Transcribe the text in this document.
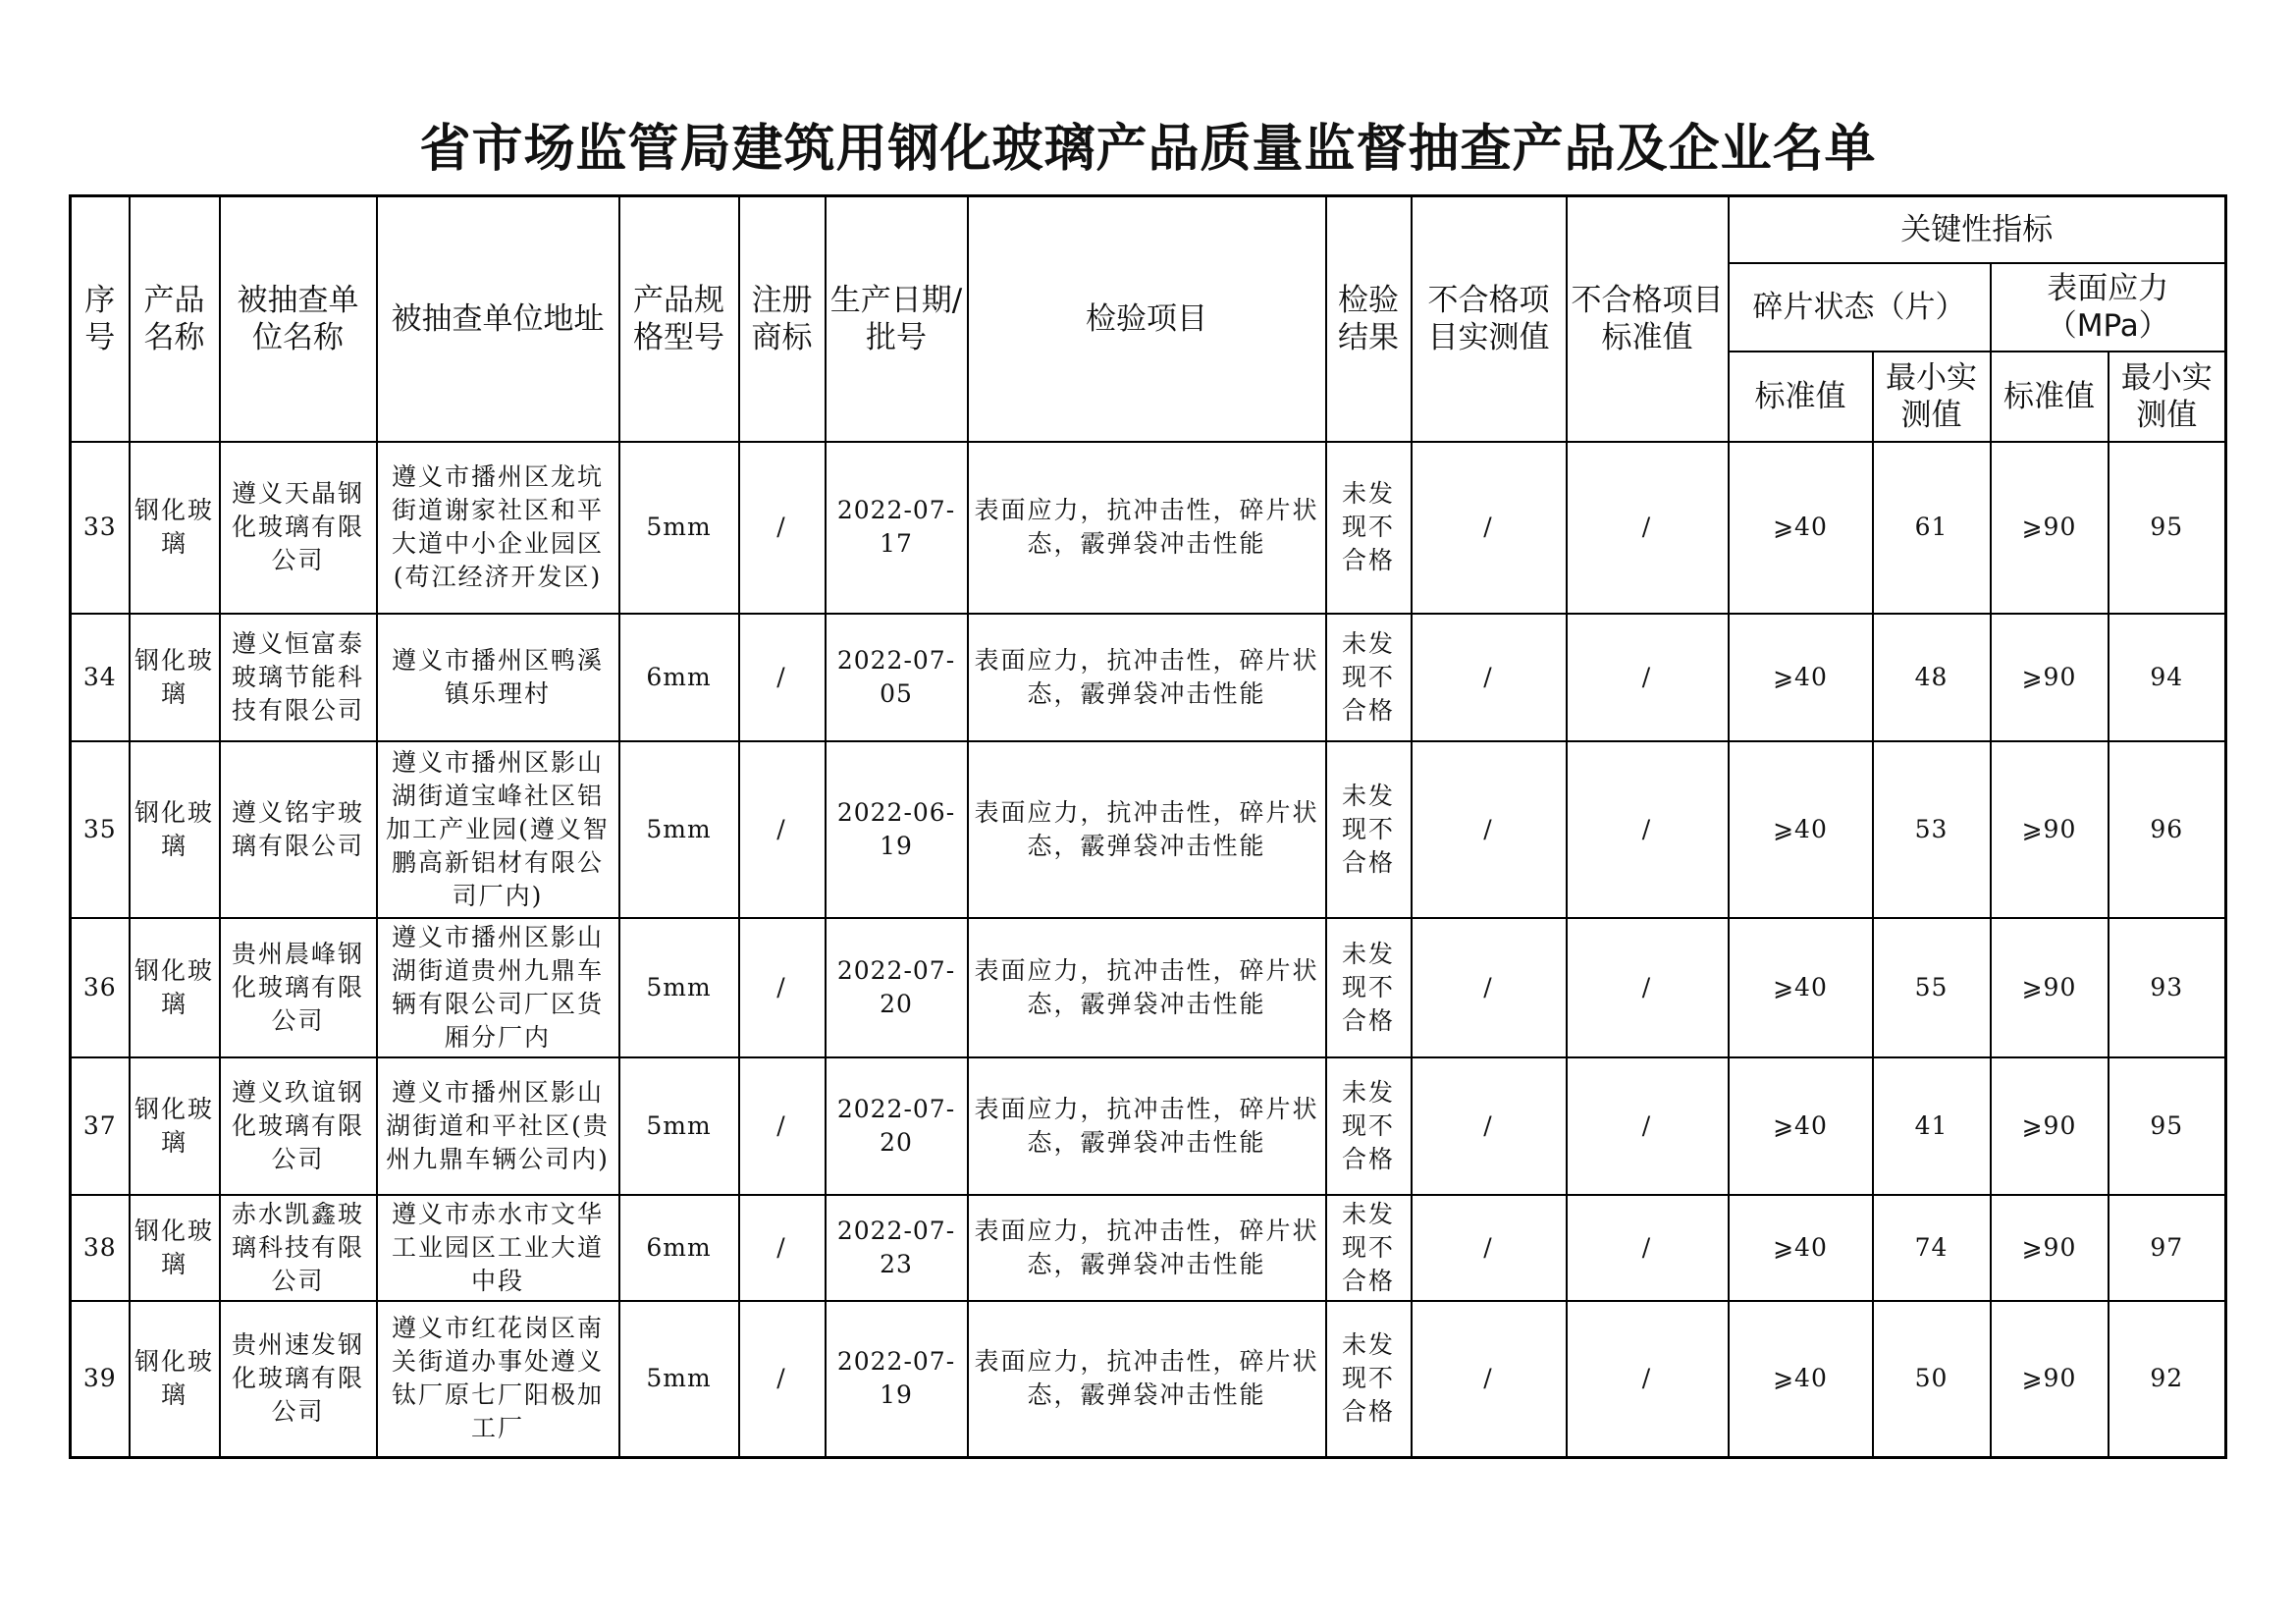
省市场监管局建筑用钢化玻璃产品质量监督抽查产品及企业名单
序号	产品名称	被抽查单位名称	被抽查单位地址	产品规格型号	注册商标	生产日期/批号	检验项目	检验结果	不合格项目实测值	不合格项目标准值	关键性指标			
											碎片状态（片）		表面应力（MPa）	
											标准值	最小实测值	标准值	最小实测值
33	钢化玻璃	遵义天晶钢化玻璃有限公司	遵义市播州区龙坑街道谢家社区和平大道中小企业园区(苟江经济开发区)	5mm	/	2022-07-17	表面应力，抗冲击性，碎片状态，霰弹袋冲击性能	未发现不合格	/	/	⩾40	61	⩾90	95
34	钢化玻璃	遵义恒富泰玻璃节能科技有限公司	遵义市播州区鸭溪镇乐理村	6mm	/	2022-07-05	表面应力，抗冲击性，碎片状态，霰弹袋冲击性能	未发现不合格	/	/	⩾40	48	⩾90	94
35	钢化玻璃	遵义铭宇玻璃有限公司	遵义市播州区影山湖街道宝峰社区铝加工产业园(遵义智鹏高新铝材有限公司厂内)	5mm	/	2022-06-19	表面应力，抗冲击性，碎片状态，霰弹袋冲击性能	未发现不合格	/	/	⩾40	53	⩾90	96
36	钢化玻璃	贵州晨峰钢化玻璃有限公司	遵义市播州区影山湖街道贵州九鼎车辆有限公司厂区货厢分厂内	5mm	/	2022-07-20	表面应力，抗冲击性，碎片状态，霰弹袋冲击性能	未发现不合格	/	/	⩾40	55	⩾90	93
37	钢化玻璃	遵义玖谊钢化玻璃有限公司	遵义市播州区影山湖街道和平社区(贵州九鼎车辆公司内)	5mm	/	2022-07-20	表面应力，抗冲击性，碎片状态，霰弹袋冲击性能	未发现不合格	/	/	⩾40	41	⩾90	95
38	钢化玻璃	赤水凯鑫玻璃科技有限公司	遵义市赤水市文华工业园区工业大道中段	6mm	/	2022-07-23	表面应力，抗冲击性，碎片状态，霰弹袋冲击性能	未发现不合格	/	/	⩾40	74	⩾90	97
39	钢化玻璃	贵州速发钢化玻璃有限公司	遵义市红花岗区南关街道办事处遵义钛厂原七厂阳极加工厂	5mm	/	2022-07-19	表面应力，抗冲击性，碎片状态，霰弹袋冲击性能	未发现不合格	/	/	⩾40	50	⩾90	92
